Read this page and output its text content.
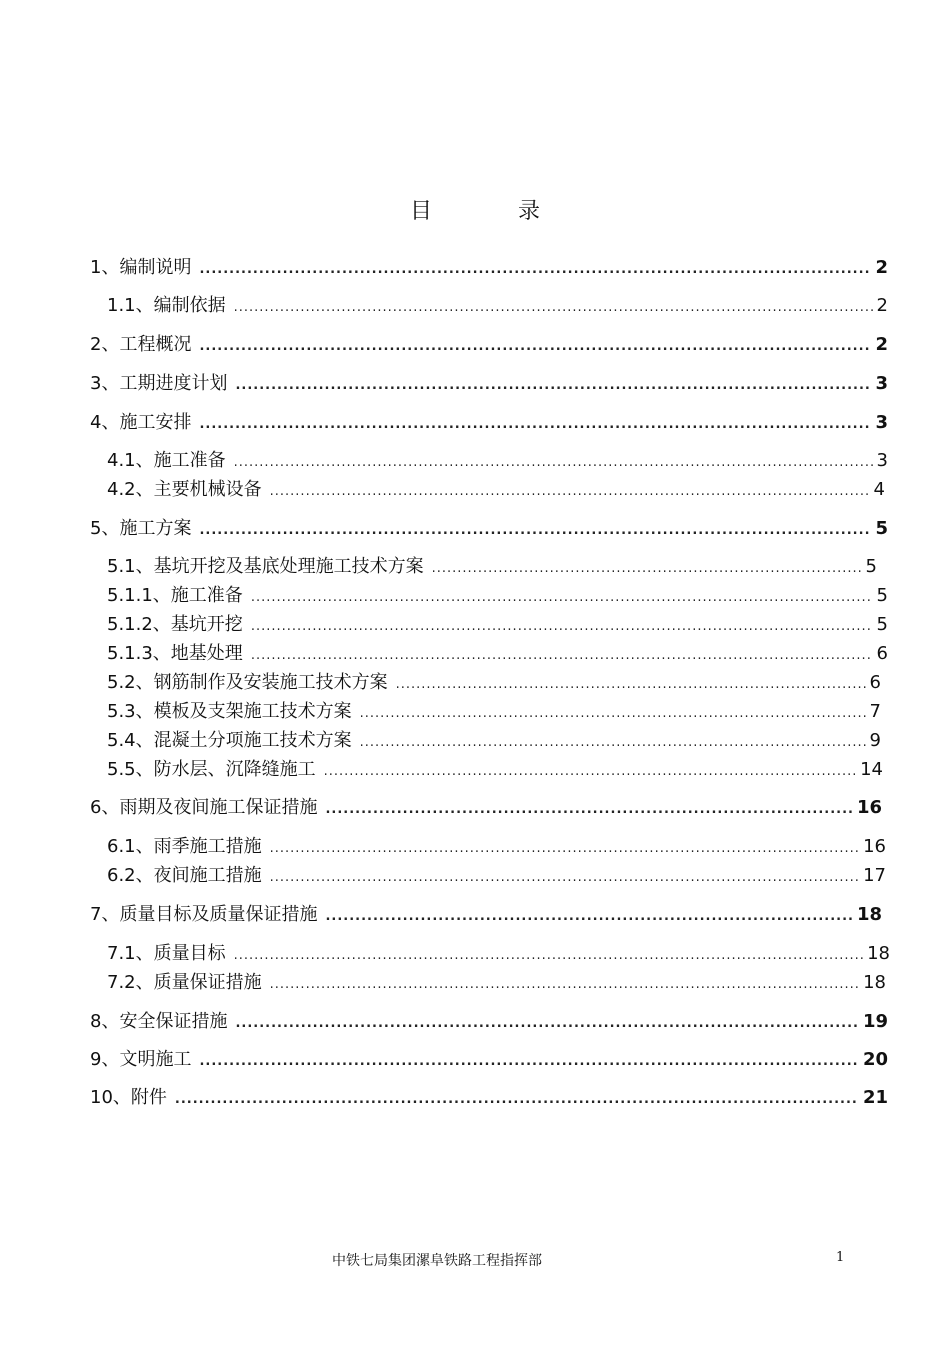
目	录
1、编制说明 .....	2
1.1、编制依据 .....	2
2、工程概况 .....	2
3、工期进度计划 .....	3
4、施工安排 .....	3
4.1、施工准备 .....	3
4.2、主要机械设备 .....	4
5、施工方案 .....	5
5.1、基坑开挖及基底处理施工技术方案 .....	5
5.1.1、施工准备 .....	5
5.1.2、基坑开挖 .....	5
5.1.3、地基处理 .....	6
5.2、钢筋制作及安装施工技术方案 .....	6
5.3、模板及支架施工技术方案 .....	7
5.4、混凝土分项施工技术方案 .....	9
5.5、防水层、沉降缝施工 .....	14
6、雨期及夜间施工保证措施 .....	16
6.1、雨季施工措施 .....	16
6.2、夜间施工措施 .....	17
7、质量目标及质量保证措施 .....	18
7.1、质量目标 .....	18
7.2、质量保证措施 .....	18
8、安全保证措施 .....	19
9、文明施工 .....	20
10、附件 .....	21
中铁七局集团漯阜铁路工程指挥部	1
